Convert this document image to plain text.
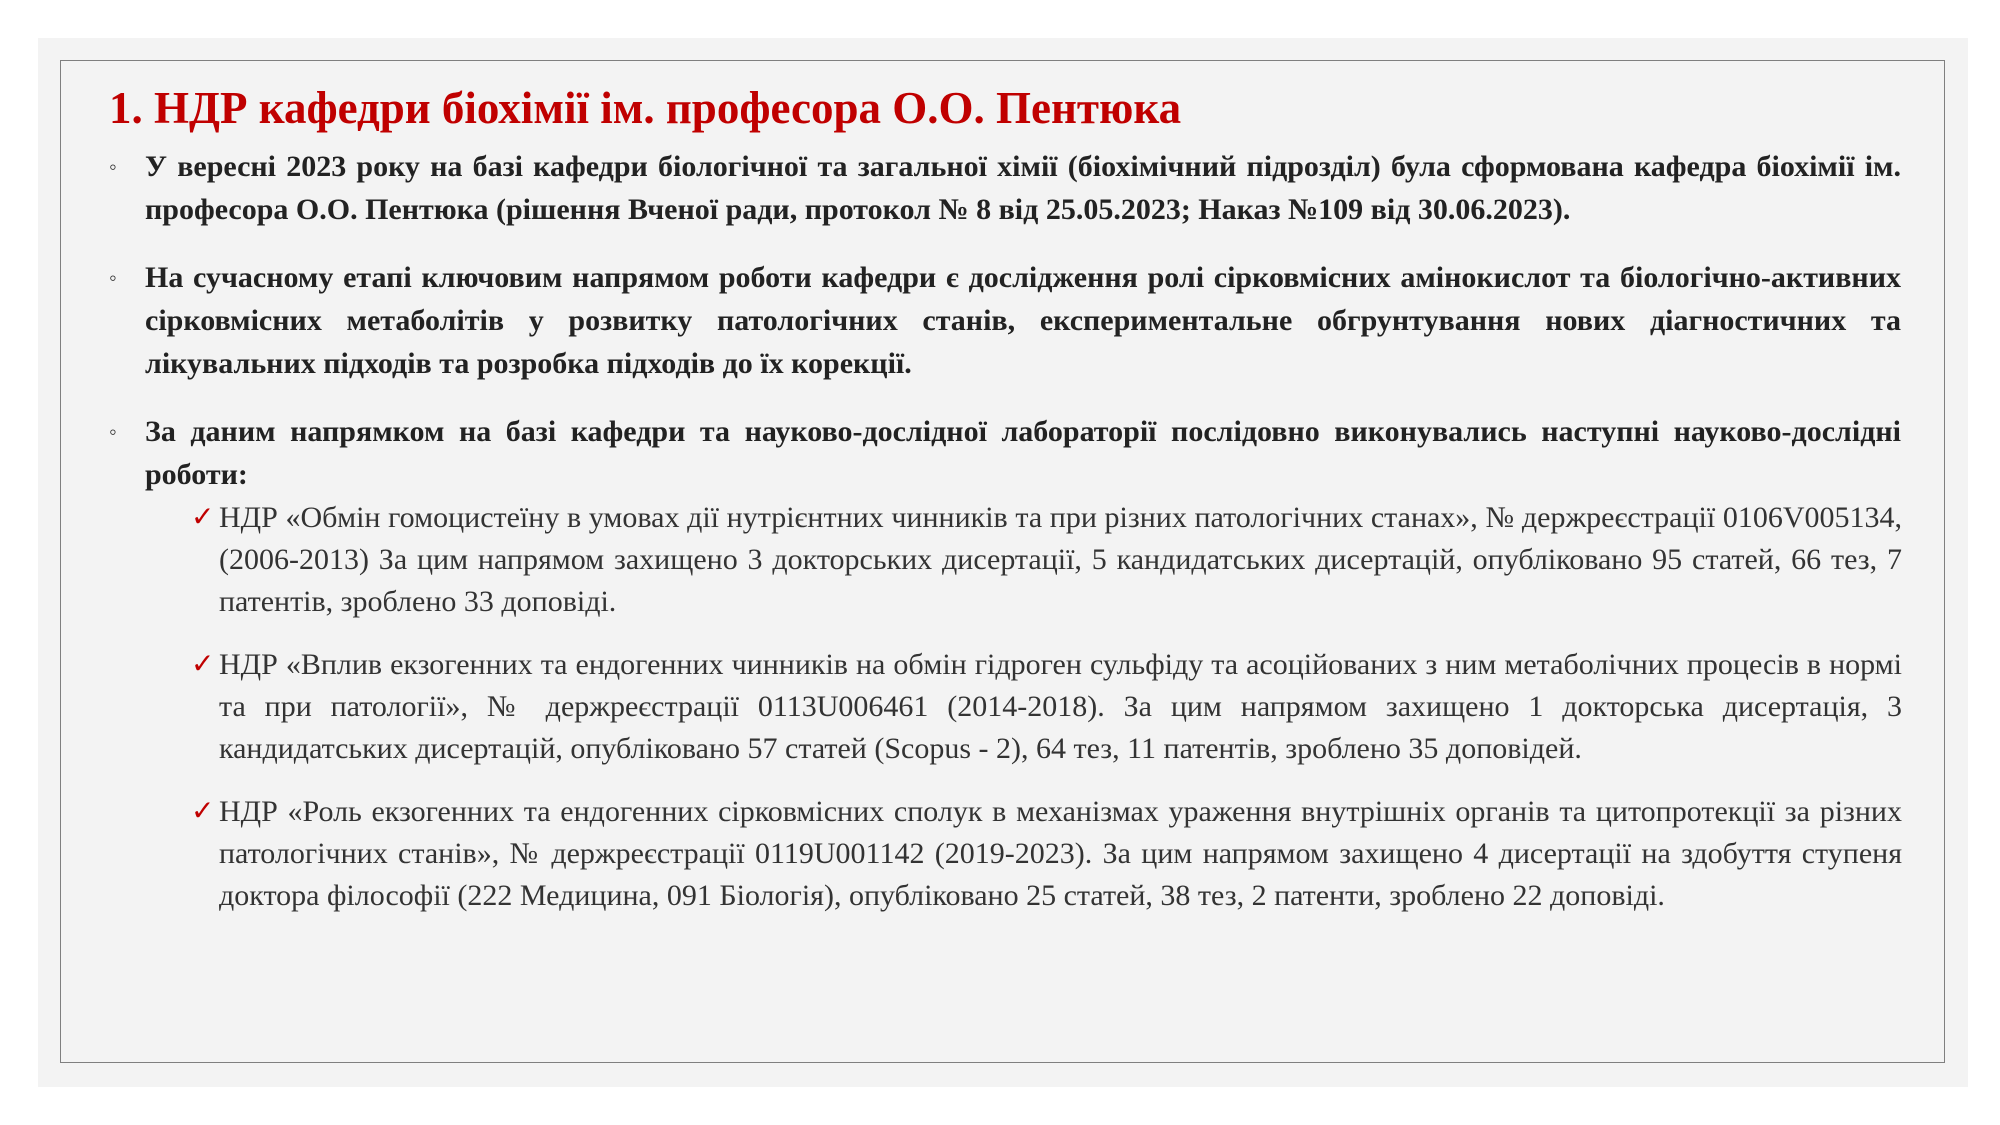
1. НДР кафедри біохімії ім. професора О.О. Пентюка
◦ У вересні 2023 року на базі кафедри біологічної та загальної хімії (біохімічний підрозділ) була сформована кафедра біохімії ім. професора О.О. Пентюка (рішення Вченої ради, протокол № 8 від 25.05.2023; Наказ №109 від 30.06.2023).
◦ На сучасному етапі ключовим напрямом роботи кафедри є дослідження ролі сірковмісних амінокислот та біологічно-активних сірковмісних метаболітів у розвитку патологічних станів, експериментальне обгрунтування нових діагностичних та лікувальних підходів та розробка підходів до їх корекції.
◦ За даним напрямком на базі кафедри та науково-дослідної лабораторії послідовно виконувались наступні науково-дослідні роботи:
✓ НДР «Обмін гомоцистеїну в умовах дії нутрієнтних чинників та при різних патологічних станах», № держреєстрації 0106V005134, (2006-2013) За цим напрямом захищено 3 докторських дисертації, 5 кандидатських дисертацій, опубліковано 95 статей, 66 тез, 7 патентів, зроблено 33 доповіді.
✓ НДР «Вплив екзогенних та ендогенних чинників на обмін гідроген сульфіду та асоційованих з ним метаболічних процесів в нормі та при патології», № держреєстрації 0113U006461 (2014-2018). За цим напрямом захищено 1 докторська дисертація, 3 кандидатських дисертацій, опубліковано 57 статей (Scopus - 2), 64 тез, 11 патентів, зроблено 35 доповідей.
✓ НДР «Роль екзогенних та ендогенних сірковмісних сполук в механізмах ураження внутрішніх органів та цитопротекції за різних патологічних станів», № держреєстрації 0119U001142 (2019-2023). За цим напрямом захищено 4 дисертації на здобуття ступеня доктора філософії (222 Медицина, 091 Біологія), опубліковано 25 статей, 38 тез, 2 патенти, зроблено 22 доповіді.
